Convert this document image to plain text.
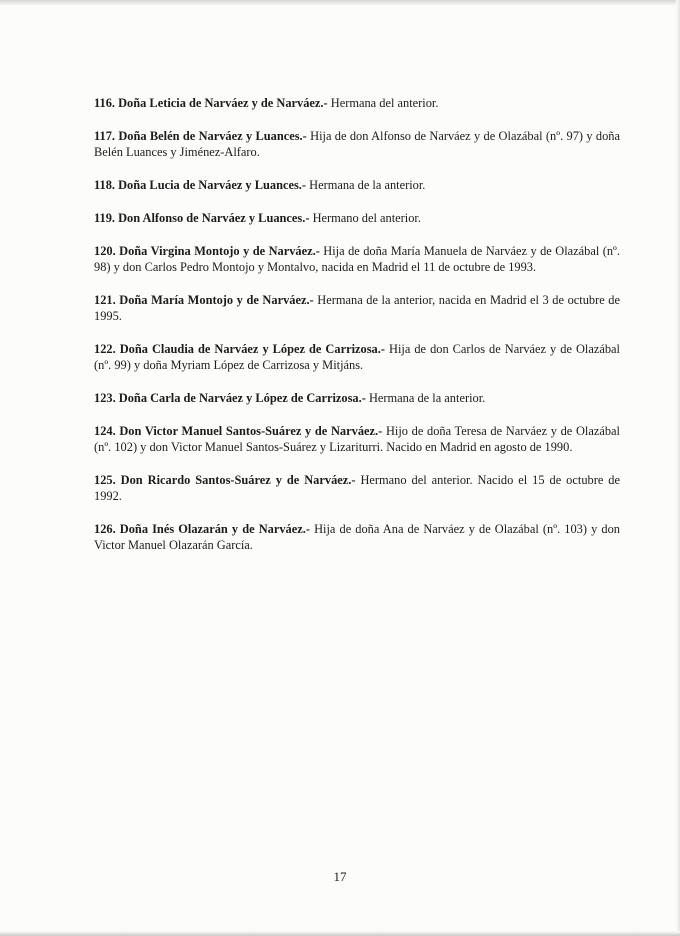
116. Doña Leticia de Narváez y de Narváez.- Hermana del anterior.

117. Doña Belén de Narváez y Luances.- Hija de don Alfonso de Narváez y de Olazábal (nº. 97) y doña Belén Luances y Jiménez-Alfaro.

118. Doña Lucia de Narváez y Luances.- Hermana de la anterior.

119. Don Alfonso de Narváez y Luances.- Hermano del anterior.

120. Doña Virgina Montojo y de Narváez.- Hija de doña María Manuela de Narváez y de Olazábal (nº. 98) y don Carlos Pedro Montojo y Montalvo, nacida en Madrid el 11 de octubre de 1993.

121. Doña María Montojo y de Narváez.- Hermana de la anterior, nacida en Madrid el 3 de octubre de 1995.

122. Doña Claudia de Narváez y López de Carrizosa.- Hija de don Carlos de Narváez y de Olazábal (nº. 99) y doña Myriam López de Carrizosa y Mitjáns.

123. Doña Carla de Narváez y López de Carrizosa.- Hermana de la anterior.

124. Don Victor Manuel Santos-Suárez y de Narváez.- Hijo de doña Teresa de Narváez y de Olazábal (nº. 102) y don Victor Manuel Santos-Suárez y Lizariturri. Nacido en Madrid en agosto de 1990.

125. Don Ricardo Santos-Suárez y de Narváez.- Hermano del anterior. Nacido el 15 de octubre de 1992.

126. Doña Inés Olazarán y de Narváez.- Hija de doña Ana de Narváez y de Olazábal (nº. 103) y don Victor Manuel Olazarán García.

17
